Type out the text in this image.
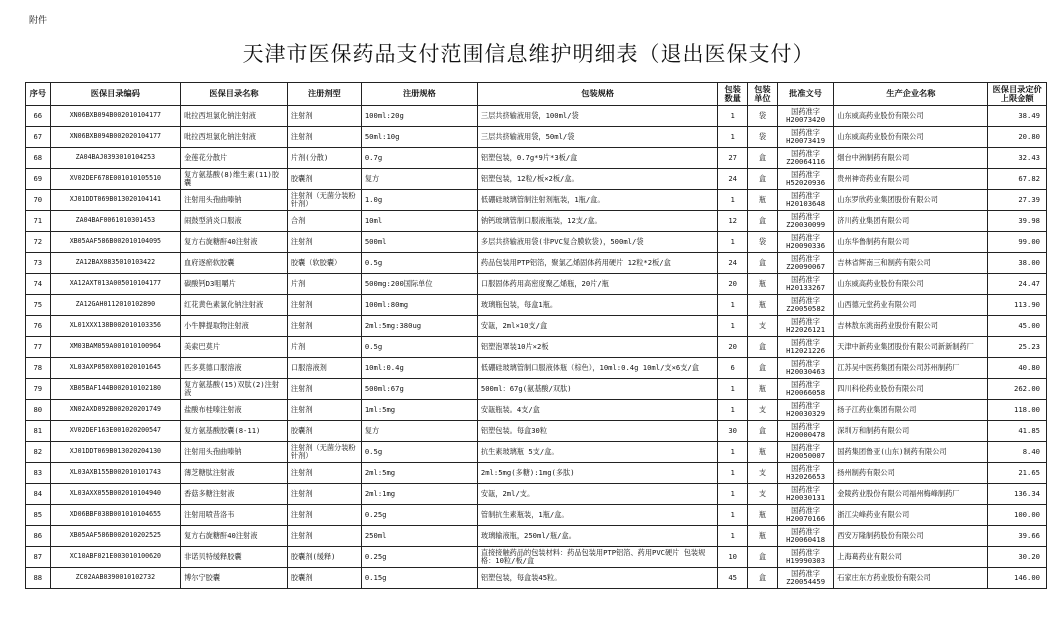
附件
天津市医保药品支付范围信息维护明细表（退出医保支付）
序号	医保目录编码	医保目录名称	注册剂型	注册规格	包装规格	包装数量	包装单位	批准文号	生产企业名称	医保目录定价上限金额
66	XN06BXB094B002010104177	吡拉西坦氯化钠注射液	注射剂	100ml:20g	三层共挤输液用袋，100ml/袋	1	袋	国药准字H20073420	山东威高药业股份有限公司	38.49
67	XN06BXB094B002020104177	吡拉西坦氯化钠注射液	注射剂	50ml:10g	三层共挤输液用袋，50ml/袋	1	袋	国药准字H20073419	山东威高药业股份有限公司	20.80
68	ZA04BAJ0393010104253	金莲花分散片	片剂(分散)	0.7g	铝塑包装，0.7g*9片*3板/盒	27	盒	国药准字Z20064116	烟台中洲制药有限公司	32.43
69	XV02DEF678E001010105510	复方氨基酸(8)维生素(11)胶囊	胶囊剂	复方	铝塑包装，12粒/板×2板/盒。	24	盒	国药准字H52020936	贵州神奇药业有限公司	67.82
70	XJ01DDT069B013020104141	注射用头孢曲嗪钠	注射剂（无菌分装粉针剂）	1.0g	低硼硅玻璃管制注射剂瓶装，1瓶/盒。	1	瓶	国药准字H20103648	山东罗欣药业集团股份有限公司	27.39
71	ZA04BAF0061010301453	闹鼓型消炎口服液	合剂	10ml	钠钙玻璃管制口服液瓶装，12支/盒。	12	盒	国药准字Z20030099	济川药业集团有限公司	39.98
72	XB05AAF586B002010104095	复方右旋糖酐40注射液	注射剂	500ml	多层共挤输液用袋(非PVC复合膜软袋)，500ml/袋	1	袋	国药准字H20090336	山东华鲁制药有限公司	99.00
73	ZA12BAX0835010103422	血府逐瘀软胶囊	胶囊（软胶囊）	0.5g	药品包装用PTP铝箔，聚氯乙烯固体药用硬片 12粒*2板/盒	24	盒	国药准字Z20090067	吉林省辉南三和制药有限公司	38.00
74	XA12AXT013A005010104177	碳酸钙D3咀嚼片	片剂	500mg:200国际单位	口服固体药用高密度聚乙烯瓶，20片/瓶	20	瓶	国药准字H20133267	山东威高药业股份有限公司	24.47
75	ZA12GAH0112010102890	红花黄色素氯化钠注射液	注射剂	100ml:80mg	玻璃瓶包装，每盒1瓶。	1	瓶	国药准字Z20050582	山西德元堂药业有限公司	113.90
76	XL01XXX138B002010103356	小牛脾提取物注射液	注射剂	2ml:5mg:380ug	安瓿，2ml×10支/盒	1	支	国药准字H22026121	吉林敖东洮南药业股份有限公司	45.00
77	XM03BAM059A001010100964	美索巴莫片	片剂	0.5g	铝塑泡罩装10片×2板	20	盒	国药准字H12021226	天津中新药业集团股份有限公司新新制药厂	25.23
78	XL03AXP050X001020101645	匹多莫德口服溶液	口服溶液剂	10ml:0.4g	低硼硅玻璃管制口服液体瓶（棕色），10ml:0.4g 10ml/支×6支/盒	6	盒	国药准字H20030463	江苏吴中医药集团有限公司苏州制药厂	40.80
79	XB05BAF144B002010102180	复方氨基酸(15)双肽(2)注射液	注射剂	500ml:67g	500ml：67g(氨基酸/双肽)	1	瓶	国药准字H20066058	四川科伦药业股份有限公司	262.00
80	XN02AXD092B002020201749	盐酸布桂嗪注射液	注射剂	1ml:5mg	安瓿瓶装。4支/盒	1	支	国药准字H20030329	扬子江药业集团有限公司	118.00
81	XV02DEF163E001020200547	复方氨基酸胶囊(8-11)	胶囊剂	复方	铝塑包装。每盒30粒	30	盒	国药准字H20000478	深圳万和制药有限公司	41.85
82	XJ01DDT069B013020204130	注射用头孢曲嗪钠	注射剂（无菌分装粉针剂）	0.5g	抗生素玻璃瓶 5支/盒。	1	瓶	国药准字H20050007	国药集团鲁亚(山东)制药有限公司	8.40
83	XL03AXB155B002010101743	薄芝糖肽注射液	注射剂	2ml:5mg	2ml:5mg(多糖):1mg(多肽)	1	支	国药准字H32026653	扬州制药有限公司	21.65
84	XL03AXX055B002010104940	香菇多糖注射液	注射剂	2ml:1mg	安瓿，2ml/支。	1	支	国药准字H20030131	金陵药业股份有限公司福州梅峰制药厂	136.34
85	XD06BBF038B001010104655	注射用喷昔洛韦	注射剂	0.25g	管制抗生素瓶装，1瓶/盒。	1	瓶	国药准字H20070166	浙江尖峰药业有限公司	100.00
86	XB05AAF586B002010202525	复方右旋糖酐40注射液	注射剂	250ml	玻璃输液瓶，250ml/瓶/盒。	1	瓶	国药准字H20060418	西安万隆制药股份有限公司	39.66
87	XC10ABF021E003010100620	非诺贝特缓释胶囊	胶囊剂(缓释)	0.25g	直接接触药品的包装材料：药品包装用PTP铝箔、药用PVC硬片 包装规格：10粒/板/盒	10	盒	国药准字H19990303	上海葛药业有限公司	30.20
88	ZC02AAB0390010102732	博尔宁胶囊	胶囊剂	0.15g	铝塑包装，每盒装45粒。	45	盒	国药准字Z20054459	石家庄东方药业股份有限公司	146.00
